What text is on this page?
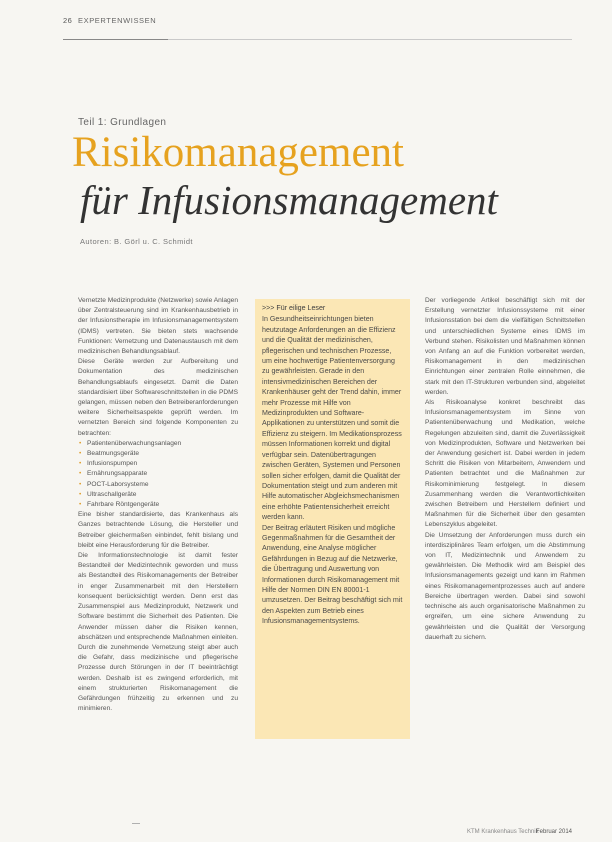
26 EXPERTENWISSEN
Teil 1: Grundlagen
Risikomanagement
für Infusionsmanagement
Autoren: B. Görl u. C. Schmidt

Vernetzte Medizinprodukte (Netzwerke) sowie Anlagen über Zentralsteuerung sind im Krankenhausbetrieb in der Infusionstherapie im Infusionsmanagementsystem (IDMS) vertreten. Sie bieten stets wachsende Funktionen: Vernetzung und Datenaustausch mit dem medizinischen Behandlungsablauf.

Diese Geräte werden zur Aufbereitung und Dokumentation des medizinischen Behandlungsablaufs eingesetzt. Damit die Daten standardisiert über Softwareschnittstellen in die PDMS gelangen, müssen neben den Betreiberanforderungen weitere Sicherheitsaspekte geprüft werden. Im vernetzten Bereich sind folgende Komponenten zu betrachten:

• Patientenüberwachungsanlagen
• Beatmungsgeräte
• Infusionspumpen
• Ernährungsapparate
• POCT-Laborsysteme
• Ultraschallgeräte
• Fahrbare Röntgengeräte

Eine bisher standardisierte, das Krankenhaus als Ganzes betrachtende Lösung, die Hersteller und Betreiber gleichermaßen einbindet, fehlt bislang und bleibt eine Herausforderung für die Betreiber.

Die Informationstechnologie ist damit fester Bestandteil der Medizintechnik geworden und muss als Bestandteil des Risikomanagements der Betreiber in enger Zusammenarbeit mit den Herstellern konsequent berücksichtigt werden. Denn erst das Zusammenspiel aus Medizinprodukt, Netzwerk und Software bestimmt die Sicherheit des Patienten. Die Anwender müssen daher die Risiken kennen, abschätzen und entsprechende Maßnahmen einleiten. Durch die zunehmende Vernetzung steigt aber auch die Gefahr, dass medizinische und pflegerische Prozesse durch Störungen in der IT beeinträchtigt werden. Deshalb ist es zwingend erforderlich, mit einem strukturierten Risikomanagement die Gefährdungen frühzeitig zu erkennen und zu minimieren.

>>> Für eilige Leser

In Gesundheitseinrichtungen bieten heutzutage Anforderungen an die Effizienz und die Qualität der medizinischen, pflegerischen und technischen Prozesse, um eine hochwertige Patientenversorgung zu gewährleisten. Gerade in den intensivmedizinischen Bereichen der Krankenhäuser geht der Trend dahin, immer mehr Prozesse mit Hilfe von Medizinprodukten und Software-Applikationen zu unterstützen und somit die Effizienz zu steigern. Im Medikationsprozess müssen Informationen korrekt und digital verfügbar sein. Datenübertragungen zwischen Geräten, Systemen und Personen sollen sicher erfolgen, damit die Qualität der Dokumentation steigt und zum anderen mit Hilfe automatischer Abgleichsmechanismen eine erhöhte Patientensicherheit erreicht werden kann.

Der Beitrag erläutert Risiken und mögliche Gegenmaßnahmen für die Gesamtheit der Anwendung, eine Analyse möglicher Gefährdungen in Bezug auf die Netzwerke, die Übertragung und Auswertung von Informationen durch Risikomanagement mit Hilfe der Normen DIN EN 80001-1 umzusetzen. Der Beitrag beschäftigt sich mit den Aspekten zum Betrieb eines Infusionsmanagementsystems.

Der vorliegende Artikel beschäftigt sich mit der Erstellung vernetzter Infusionssysteme mit einer Infusionsstation bei dem die vielfältigen Schnittstellen und unterschiedlichen Systeme eines IDMS im Verbund stehen. Risikolisten und Maßnahmen können von Anfang an auf die Funktion vorbereitet werden, Risikomanagement in den medizinischen Einrichtungen einer zentralen Rolle einnehmen, die stark mit den IT-Strukturen verbunden sind, abgeleitet werden.

Als Risikoanalyse konkret beschreibt das Infusionsmanagementsystem im Sinne von Patientenüberwachung und Medikation, welche Regelungen abzuleiten sind, damit die Zuverlässigkeit von Medizinprodukten, Software und Netzwerken bei der Anwendung gesichert ist. Dabei werden in jedem Schritt die Risiken von Mitarbeitern, Anwendern und Patienten betrachtet und die Maßnahmen zur Risikominimierung festgelegt. In diesem Zusammenhang werden die Verantwortlichkeiten zwischen Betreibern und Herstellern definiert und Maßnahmen für die Sicherheit über den gesamten Lebenszyklus abgeleitet.

Die Umsetzung der Anforderungen muss durch ein interdisziplinäres Team erfolgen, um die Abstimmung von IT, Medizintechnik und Anwendern zu gewährleisten. Die Methodik wird am Beispiel des Infusionsmanagements gezeigt und kann im Rahmen eines Risikomanagementprozesses auch auf andere Bereiche übertragen werden. Dabei sind sowohl technische als auch organisatorische Maßnahmen zu ergreifen, um eine sichere Anwendung zu gewährleisten und die Qualität der Versorgung dauerhaft zu sichern.

KTM Krankenhaus Technik
Februar 2014
